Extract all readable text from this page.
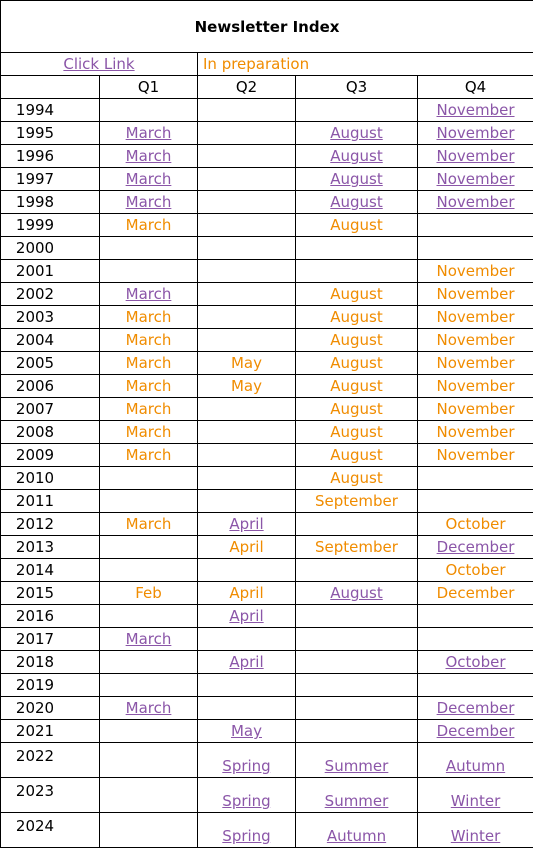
Newsletter Index				
Click Link		In preparation		
	Q1	Q2	Q3	Q4
1994				November
1995	March		August	November
1996	March		August	November
1997	March		August	November
1998	March		August	November
1999	March		August	
2000				
2001				November
2002	March		August	November
2003	March		August	November
2004	March		August	November
2005	March	May	August	November
2006	March	May	August	November
2007	March		August	November
2008	March		August	November
2009	March		August	November
2010			August	
2011			September	
2012	March	April		October
2013		April	September	December
2014				October
2015	Feb	April	August	December
2016		April		
2017	March			
2018		April		October
2019				
2020	March			December
2021		May		December
2022		Spring	Summer	Autumn
2023		Spring	Summer	Winter
2024		Spring	Autumn	Winter
